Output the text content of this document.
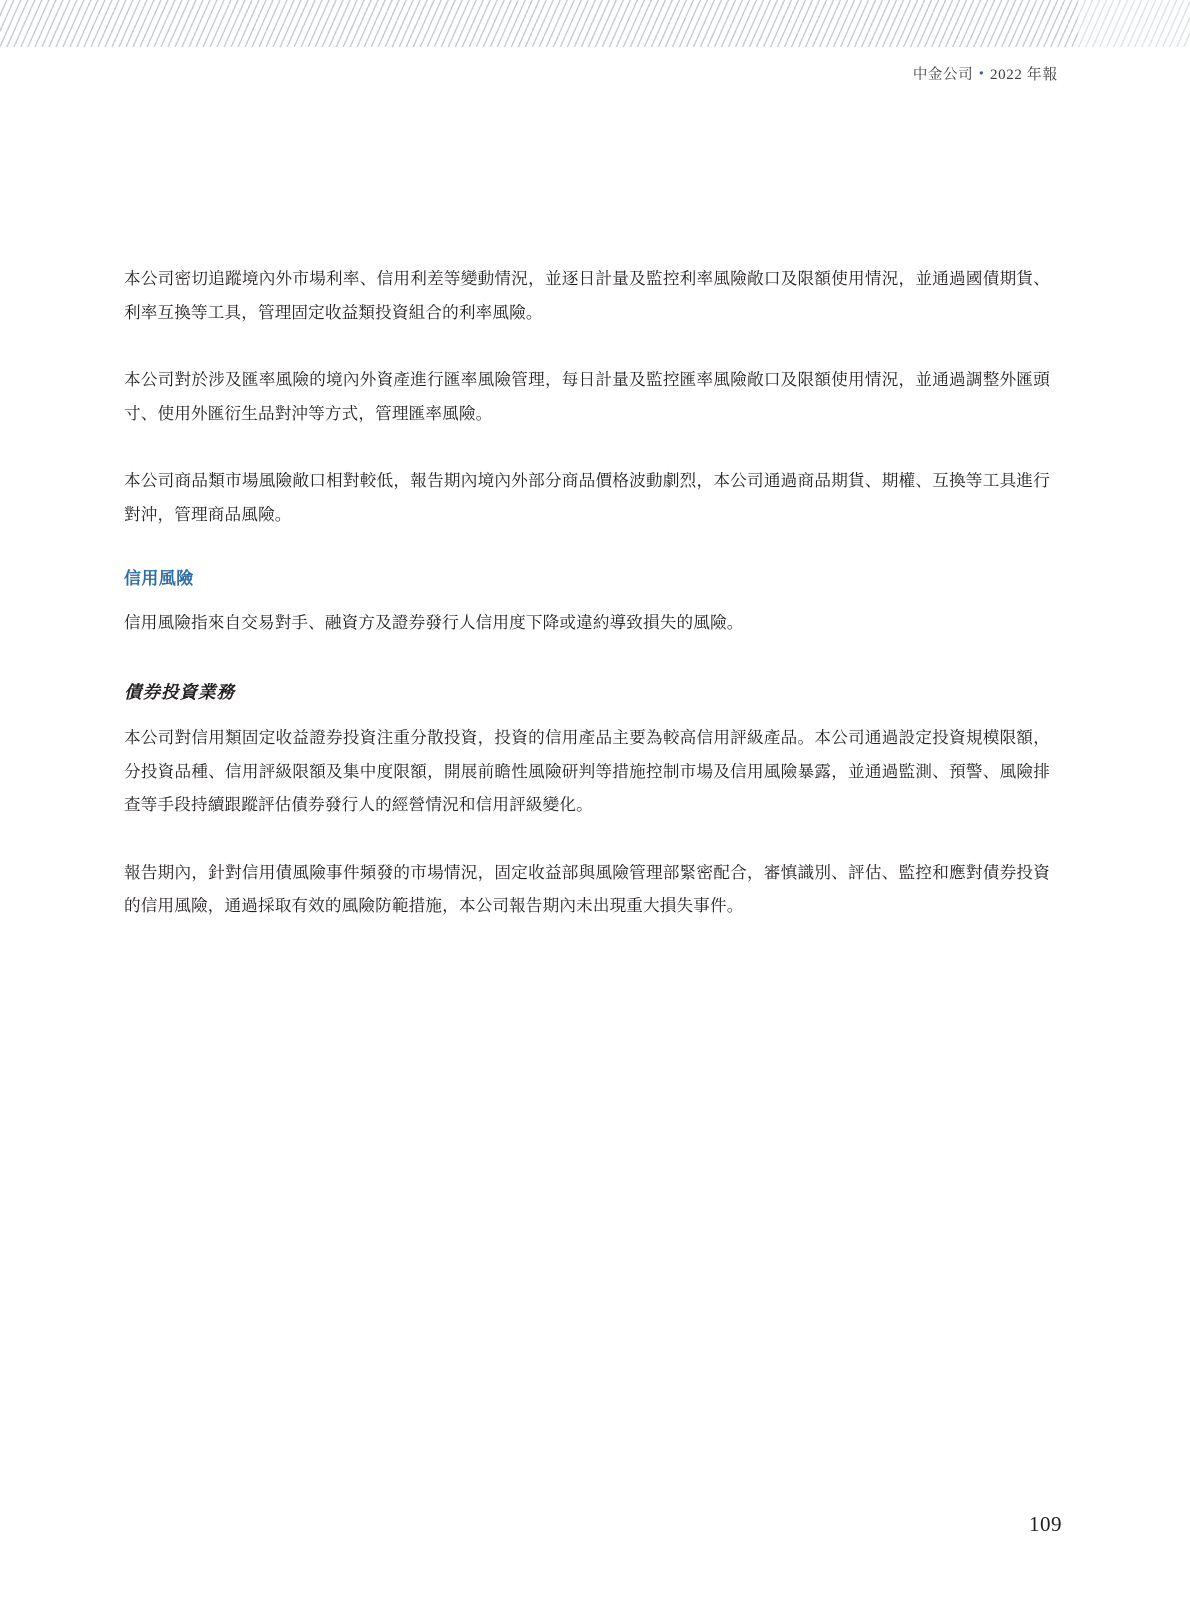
中金公司 • 2022 年報

本公司密切追蹤境內外市場利率、信用利差等變動情況，並逐日計量及監控利率風險敞口及限額使用情況，並通過國債期貨、利率互換等工具，管理固定收益類投資組合的利率風險。

本公司對於涉及匯率風險的境內外資產進行匯率風險管理，每日計量及監控匯率風險敞口及限額使用情況，並通過調整外匯頭寸、使用外匯衍生品對沖等方式，管理匯率風險。

本公司商品類市場風險敞口相對較低，報告期內境內外部分商品價格波動劇烈，本公司通過商品期貨、期權、互換等工具進行對沖，管理商品風險。

信用風險

信用風險指來自交易對手、融資方及證券發行人信用度下降或違約導致損失的風險。

債券投資業務

本公司對信用類固定收益證券投資注重分散投資，投資的信用產品主要為較高信用評級產品。本公司通過設定投資規模限額，分投資品種、信用評級限額及集中度限額，開展前瞻性風險研判等措施控制市場及信用風險暴露，並通過監測、預警、風險排查等手段持續跟蹤評估債券發行人的經營情況和信用評級變化。

報告期內，針對信用債風險事件頻發的市場情況，固定收益部與風險管理部緊密配合，審慎識別、評估、監控和應對債券投資的信用風險，通過採取有效的風險防範措施，本公司報告期內未出現重大損失事件。

109
